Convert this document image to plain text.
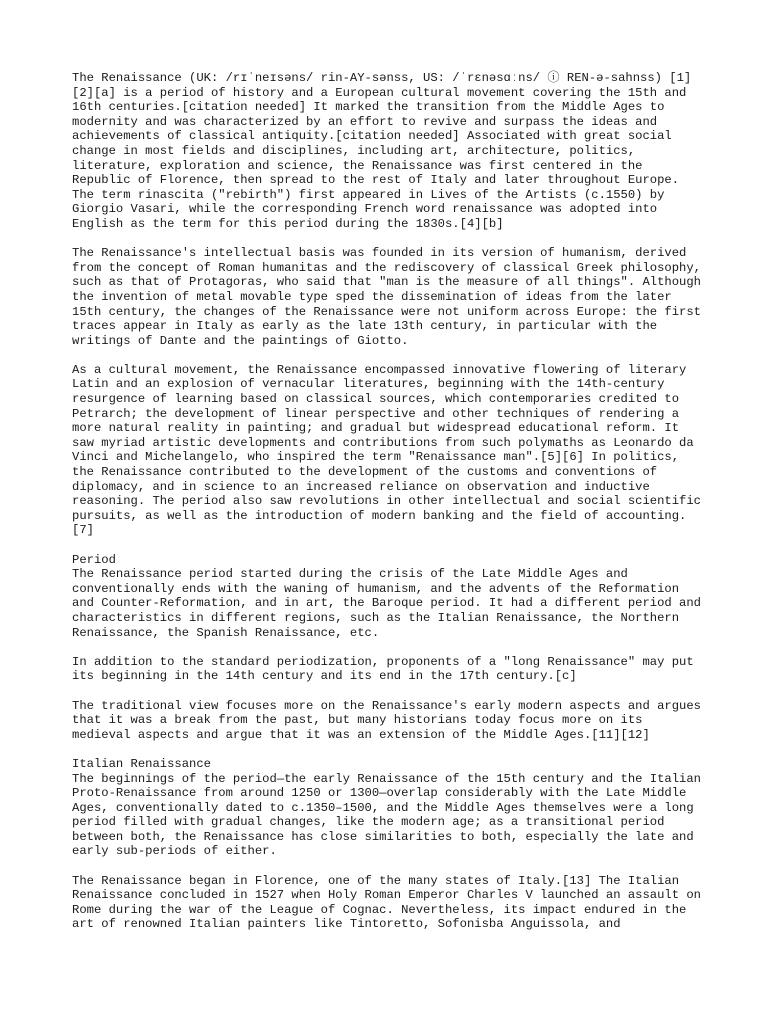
The Renaissance (UK: /rɪˈneɪsəns/ rin-AY-sənss, US: /ˈrɛnəsɑːns/ ⓘ REN-ə-sahnss) [1][2][a] is a period of history and a European cultural movement covering the 15th and 16th centuries.[citation needed] It marked the transition from the Middle Ages to modernity and was characterized by an effort to revive and surpass the ideas and achievements of classical antiquity.[citation needed] Associated with great social change in most fields and disciplines, including art, architecture, politics, literature, exploration and science, the Renaissance was first centered in the Republic of Florence, then spread to the rest of Italy and later throughout Europe. The term rinascita ("rebirth") first appeared in Lives of the Artists (c.1550) by Giorgio Vasari, while the corresponding French word renaissance was adopted into English as the term for this period during the 1830s.[4][b]

The Renaissance's intellectual basis was founded in its version of humanism, derived from the concept of Roman humanitas and the rediscovery of classical Greek philosophy, such as that of Protagoras, who said that "man is the measure of all things". Although the invention of metal movable type sped the dissemination of ideas from the later 15th century, the changes of the Renaissance were not uniform across Europe: the first traces appear in Italy as early as the late 13th century, in particular with the writings of Dante and the paintings of Giotto.

As a cultural movement, the Renaissance encompassed innovative flowering of literary Latin and an explosion of vernacular literatures, beginning with the 14th-century resurgence of learning based on classical sources, which contemporaries credited to Petrarch; the development of linear perspective and other techniques of rendering a more natural reality in painting; and gradual but widespread educational reform. It saw myriad artistic developments and contributions from such polymaths as Leonardo da Vinci and Michelangelo, who inspired the term "Renaissance man".[5][6] In politics, the Renaissance contributed to the development of the customs and conventions of diplomacy, and in science to an increased reliance on observation and inductive reasoning. The period also saw revolutions in other intellectual and social scientific pursuits, as well as the introduction of modern banking and the field of accounting.[7]

Period

The Renaissance period started during the crisis of the Late Middle Ages and conventionally ends with the waning of humanism, and the advents of the Reformation and Counter-Reformation, and in art, the Baroque period. It had a different period and characteristics in different regions, such as the Italian Renaissance, the Northern Renaissance, the Spanish Renaissance, etc.

In addition to the standard periodization, proponents of a "long Renaissance" may put its beginning in the 14th century and its end in the 17th century.[c]

The traditional view focuses more on the Renaissance's early modern aspects and argues that it was a break from the past, but many historians today focus more on its medieval aspects and argue that it was an extension of the Middle Ages.[11][12]

Italian Renaissance

The beginnings of the period—the early Renaissance of the 15th century and the Italian Proto-Renaissance from around 1250 or 1300—overlap considerably with the Late Middle Ages, conventionally dated to c.1350–1500, and the Middle Ages themselves were a long period filled with gradual changes, like the modern age; as a transitional period between both, the Renaissance has close similarities to both, especially the late and early sub-periods of either.

The Renaissance began in Florence, one of the many states of Italy.[13] The Italian Renaissance concluded in 1527 when Holy Roman Emperor Charles V launched an assault on Rome during the war of the League of Cognac. Nevertheless, its impact endured in the art of renowned Italian painters like Tintoretto, Sofonisba Anguissola, and
